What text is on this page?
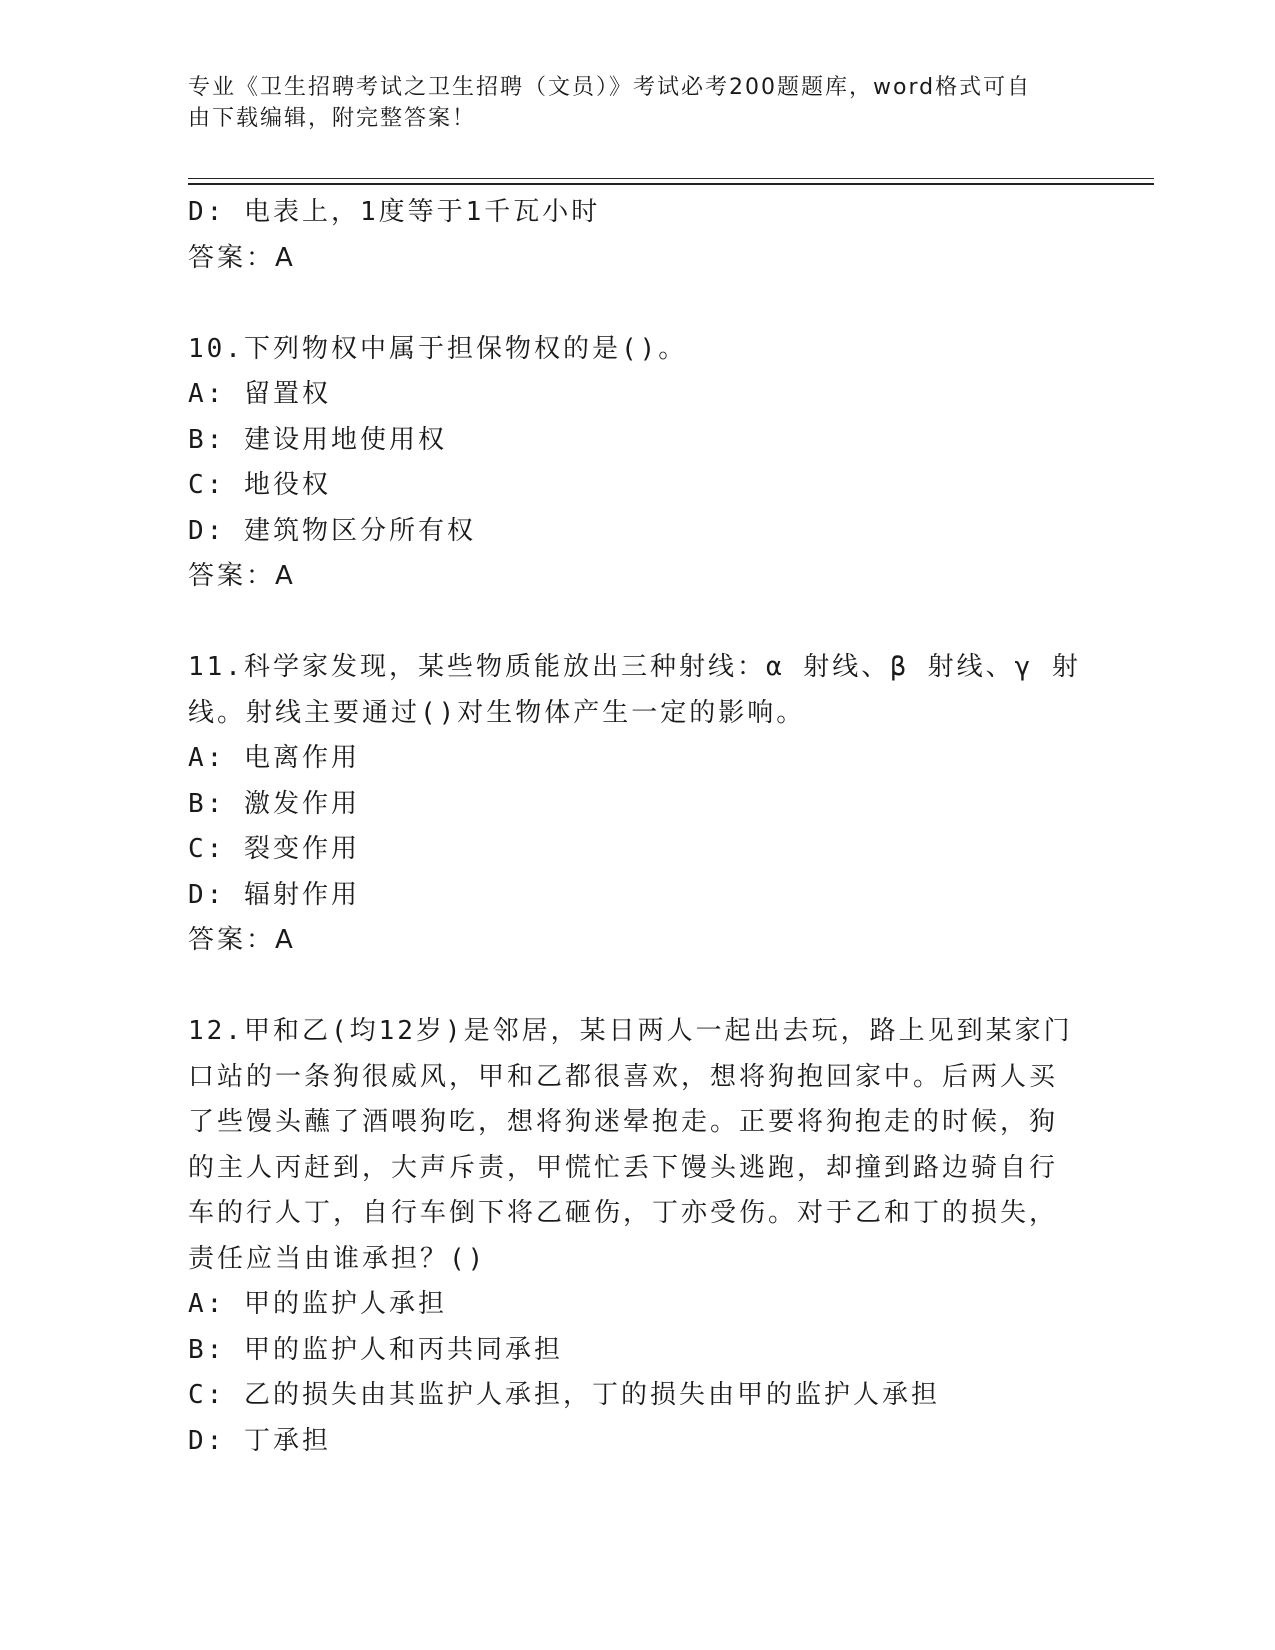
专业《卫生招聘考试之卫生招聘（文员）》考试必考200题题库，word格式可自
由下载编辑，附完整答案！
D: 电表上，1度等于1千瓦小时
答案：A
10.下列物权中属于担保物权的是()。
A: 留置权
B: 建设用地使用权
C: 地役权
D: 建筑物区分所有权
答案：A
11.科学家发现，某些物质能放出三种射线：α 射线、β 射线、γ 射
线。射线主要通过()对生物体产生一定的影响。
A: 电离作用
B: 激发作用
C: 裂变作用
D: 辐射作用
答案：A
12.甲和乙(均12岁)是邻居，某日两人一起出去玩，路上见到某家门
口站的一条狗很威风，甲和乙都很喜欢，想将狗抱回家中。后两人买
了些馒头蘸了酒喂狗吃，想将狗迷晕抱走。正要将狗抱走的时候，狗
的主人丙赶到，大声斥责，甲慌忙丢下馒头逃跑，却撞到路边骑自行
车的行人丁，自行车倒下将乙砸伤，丁亦受伤。对于乙和丁的损失，
责任应当由谁承担？()
A: 甲的监护人承担
B: 甲的监护人和丙共同承担
C: 乙的损失由其监护人承担，丁的损失由甲的监护人承担
D: 丁承担
